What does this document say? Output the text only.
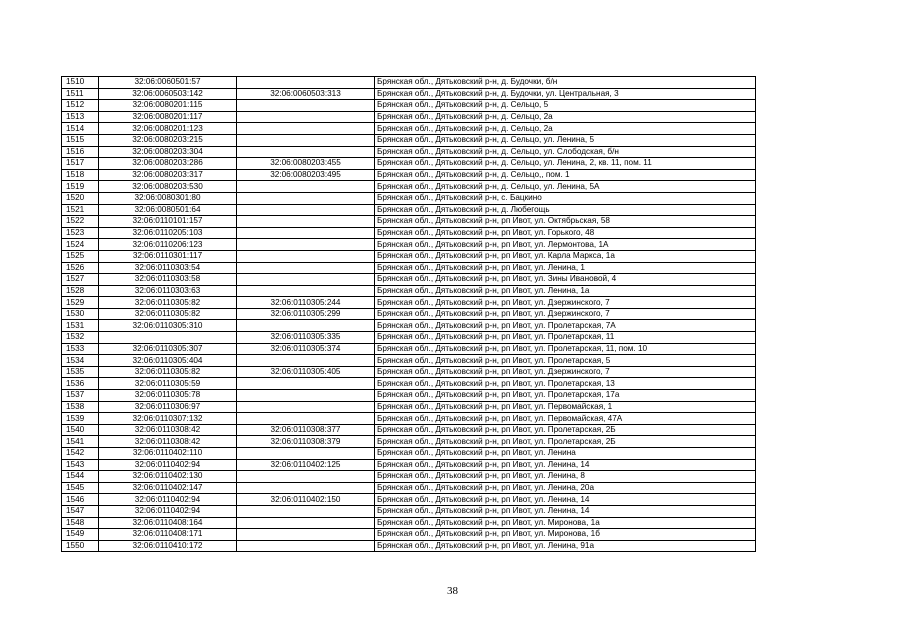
1510	32:06:0060501:57		Брянская обл., Дятьковский р-н, д. Будочки, б/н
1511	32:06:0060503:142	32:06:0060503:313	Брянская обл., Дятьковский р-н, д. Будочки, ул. Центральная, 3
1512	32:06:0080201:115		Брянская обл., Дятьковский р-н, д. Сельцо, 5
1513	32:06:0080201:117		Брянская обл., Дятьковский р-н, д. Сельцо, 2а
1514	32:06:0080201:123		Брянская обл., Дятьковский р-н, д. Сельцо, 2а
1515	32:06:0080203:215		Брянская обл., Дятьковский р-н, д. Сельцо, ул. Ленина, 5
1516	32:06:0080203:304		Брянская обл., Дятьковский р-н, д. Сельцо, ул. Слободская, б/н
1517	32:06:0080203:286	32:06:0080203:455	Брянская обл., Дятьковский р-н, д. Сельцо, ул. Ленина, 2, кв. 11, пом. 11
1518	32:06:0080203:317	32:06:0080203:495	Брянская обл., Дятьковский р-н, д. Сельцо,, пом. 1
1519	32:06:0080203:530		Брянская обл., Дятьковский р-н, д. Сельцо, ул. Ленина, 5А
1520	32:06:0080301:80		Брянская обл., Дятьковский р-н, с. Бацкино
1521	32:06:0080501:64		Брянская обл., Дятьковский р-н, д. Любегощь
1522	32:06:0110101:157		Брянская обл., Дятьковский р-н, рп Ивот, ул. Октябрьская, 58
1523	32:06:0110205:103		Брянская обл., Дятьковский р-н, рп Ивот, ул. Горького, 48
1524	32:06:0110206:123		Брянская обл., Дятьковский р-н, рп Ивот, ул. Лермонтова, 1А
1525	32:06:0110301:117		Брянская обл., Дятьковский р-н, рп Ивот, ул. Карла Маркса, 1а
1526	32:06:0110303:54		Брянская обл., Дятьковский р-н, рп Ивот, ул. Ленина, 1
1527	32:06:0110303:58		Брянская обл., Дятьковский р-н, рп Ивот, ул. Зины Ивановой, 4
1528	32:06:0110303:63		Брянская обл., Дятьковский р-н, рп Ивот, ул. Ленина, 1а
1529	32:06:0110305:82	32:06:0110305:244	Брянская обл., Дятьковский р-н, рп Ивот, ул. Дзержинского, 7
1530	32:06:0110305:82	32:06:0110305:299	Брянская обл., Дятьковский р-н, рп Ивот, ул. Дзержинского, 7
1531	32:06:0110305:310		Брянская обл., Дятьковский р-н, рп Ивот, ул. Пролетарская, 7А
1532		32:06:0110305:335	Брянская обл., Дятьковский р-н, рп Ивот, ул. Пролетарская, 11
1533	32:06:0110305:307	32:06:0110305:374	Брянская обл., Дятьковский р-н, рп Ивот, ул. Пролетарская, 11, пом. 10
1534	32:06:0110305:404		Брянская обл., Дятьковский р-н, рп Ивот, ул. Пролетарская, 5
1535	32:06:0110305:82	32:06:0110305:405	Брянская обл., Дятьковский р-н, рп Ивот, ул. Дзержинского, 7
1536	32:06:0110305:59		Брянская обл., Дятьковский р-н, рп Ивот, ул. Пролетарская, 13
1537	32:06:0110305:78		Брянская обл., Дятьковский р-н, рп Ивот, ул. Пролетарская, 17а
1538	32:06:0110306:97		Брянская обл., Дятьковский р-н, рп Ивот, ул. Первомайская, 1
1539	32:06:0110307:132		Брянская обл., Дятьковский р-н, рп Ивот, ул. Первомайская, 47А
1540	32:06:0110308:42	32:06:0110308:377	Брянская обл., Дятьковский р-н, рп Ивот, ул. Пролетарская, 2Б
1541	32:06:0110308:42	32:06:0110308:379	Брянская обл., Дятьковский р-н, рп Ивот, ул. Пролетарская, 2Б
1542	32:06:0110402:110		Брянская обл., Дятьковский р-н, рп Ивот, ул. Ленина
1543	32:06:0110402:94	32:06:0110402:125	Брянская обл., Дятьковский р-н, рп Ивот, ул. Ленина, 14
1544	32:06:0110402:130		Брянская обл., Дятьковский р-н, рп Ивот, ул. Ленина, 8
1545	32:06:0110402:147		Брянская обл., Дятьковский р-н, рп Ивот, ул. Ленина, 20а
1546	32:06:0110402:94	32:06:0110402:150	Брянская обл., Дятьковский р-н, рп Ивот, ул. Ленина, 14
1547	32:06:0110402:94		Брянская обл., Дятьковский р-н, рп Ивот, ул. Ленина, 14
1548	32:06:0110408:164		Брянская обл., Дятьковский р-н, рп Ивот, ул. Миронова, 1а
1549	32:06:0110408:171		Брянская обл., Дятьковский р-н, рп Ивот, ул. Миронова, 1б
1550	32:06:0110410:172		Брянская обл., Дятьковский р-н, рп Ивот, ул. Ленина, 91а
38
